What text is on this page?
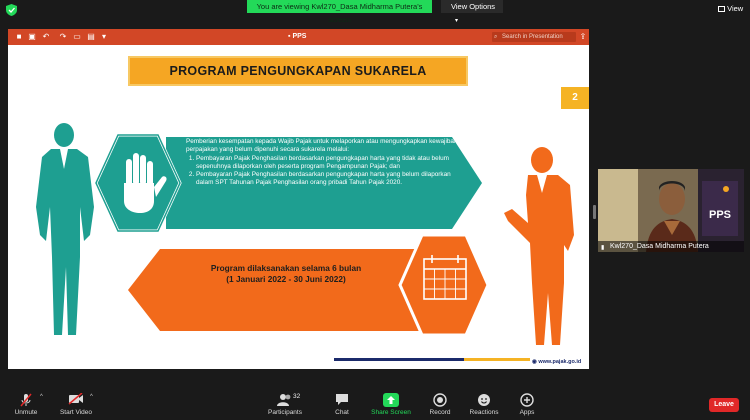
You are viewing Kwl270_Dasa Midharma Putera's screen
View Options ▾
View
■ ▣ ↶ ↷ ▭ ▤ ▾	▪ PPS	⌕ Search in Presentation	⇪
PROGRAM PENGUNGKAPAN SUKARELA
2

Pemberian kesempatan kepada Wajib Pajak untuk melaporkan atau mengungkapkan kewajiban perpajakan yang belum dipenuhi secara sukarela melalui:

1. Pembayaran Pajak Penghasilan berdasarkan pengungkapan harta yang tidak atau belum sepenuhnya dilaporkan oleh peserta program Pengampunan Pajak; dan
2. Pembayaran Pajak Penghasilan berdasarkan pengungkapan harta yang belum dilaporkan dalam SPT Tahunan Pajak Penghasilan orang pribadi Tahun Pajak 2020.
Program dilaksanakan selama 6 bulan
(1 Januari 2022 - 30 Juni 2022)
◉ www.pajak.go.id
PPS
▮ Kwl270_Dasa Midharma Putera
Unmute
^
Start Video
^	32
Participants	Chat	Share Screen	Record	Reactions	Apps
Leave
